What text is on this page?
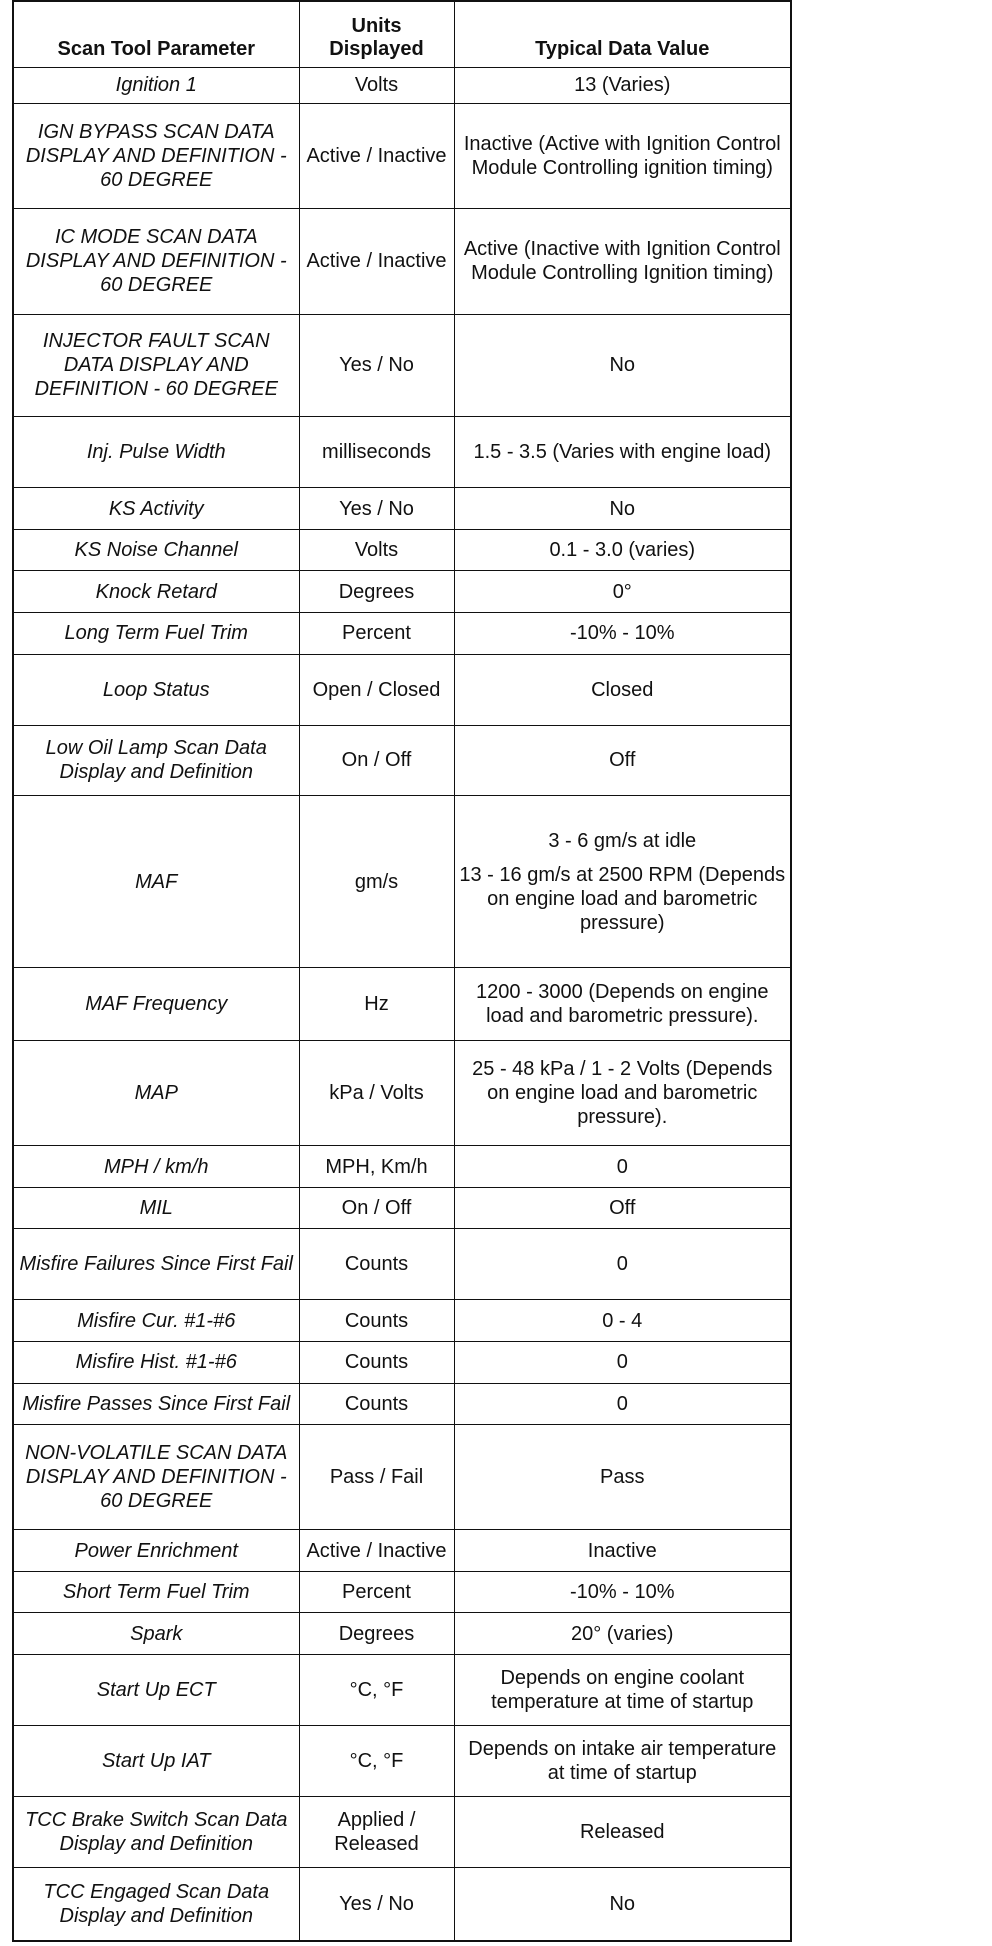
Scan Tool Parameter	Units Displayed	Typical Data Value
Ignition 1	Volts	13 (Varies)

IGN BYPASS SCAN DATA DISPLAY AND DEFINITION - 60 DEGREE	Active / Inactive	Inactive (Active with Ignition Control Module Controlling ignition timing)

IC MODE SCAN DATA DISPLAY AND DEFINITION - 60 DEGREE	Active / Inactive	Active (Inactive with Ignition Control Module Controlling Ignition timing)

INJECTOR FAULT SCAN DATA DISPLAY AND DEFINITION - 60 DEGREE	Yes / No	No

Inj. Pulse Width	milliseconds	1.5 - 3.5 (Varies with engine load)

KS Activity	Yes / No	No

KS Noise Channel	Volts	0.1 - 3.0 (varies)

Knock Retard	Degrees	0°

Long Term Fuel Trim	Percent	-10% - 10%

Loop Status	Open / Closed	Closed

Low Oil Lamp Scan Data Display and Definition	On / Off	Off

MAF	gm/s	3 - 6 gm/s at idle
13 - 16 gm/s at 2500 RPM (Depends on engine load and barometric pressure)

MAF Frequency	Hz	1200 - 3000 (Depends on engine load and barometric pressure).

MAP	kPa / Volts	25 - 48 kPa / 1 - 2 Volts (Depends on engine load and barometric pressure).

MPH / km/h	MPH, Km/h	0

MIL	On / Off	Off

Misfire Failures Since First Fail	Counts	0

Misfire Cur. #1-#6	Counts	0 - 4

Misfire Hist. #1-#6	Counts	0

Misfire Passes Since First Fail	Counts	0

NON-VOLATILE SCAN DATA DISPLAY AND DEFINITION - 60 DEGREE	Pass / Fail	Pass

Power Enrichment	Active / Inactive	Inactive

Short Term Fuel Trim	Percent	-10% - 10%

Spark	Degrees	20° (varies)

Start Up ECT	°C, °F	Depends on engine coolant temperature at time of startup

Start Up IAT	°C, °F	Depends on intake air temperature at time of startup

TCC Brake Switch Scan Data Display and Definition	Applied / Released	Released

TCC Engaged Scan Data Display and Definition	Yes / No	No
